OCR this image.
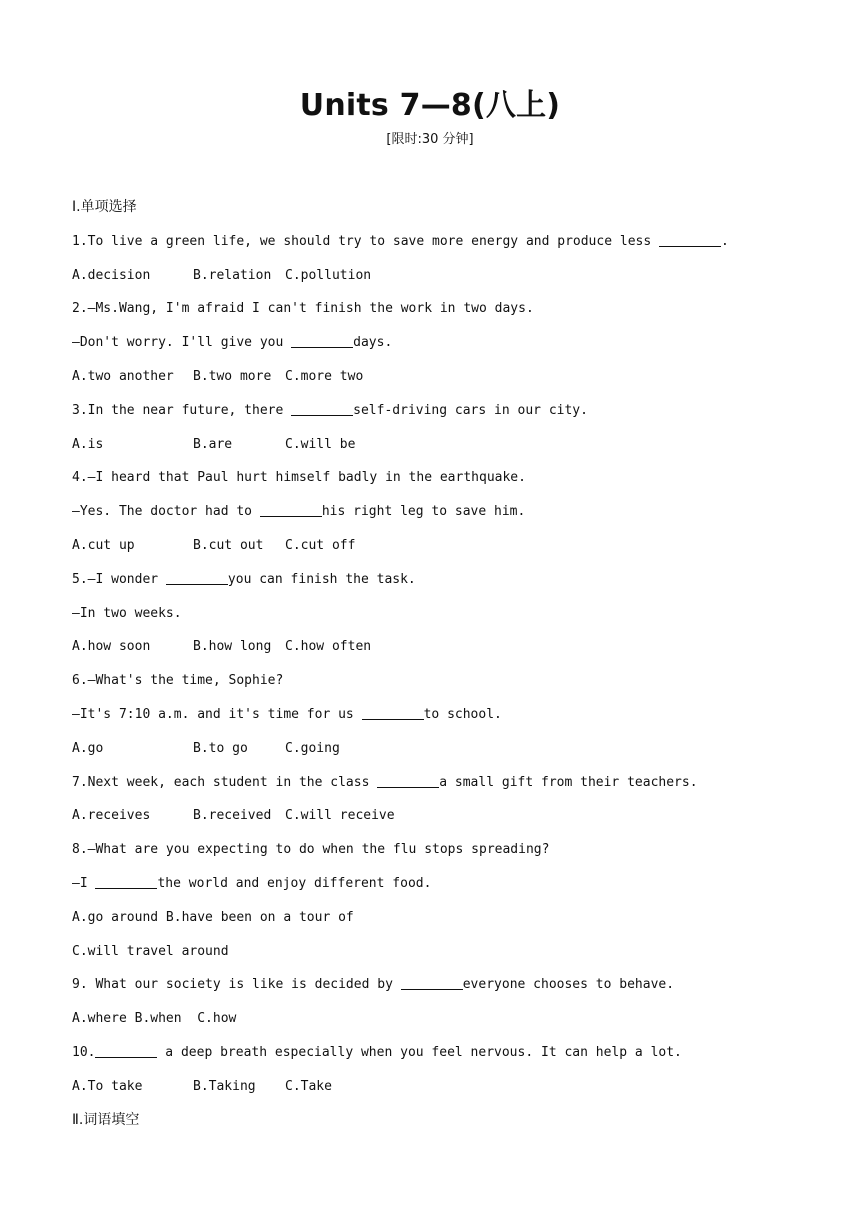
Units 7—8(八上)
[限时:30 分钟]
Ⅰ.单项选择
1.To live a green life, we should try to save more energy and produce less	.
A.decision	B.relation	C.pollution
2.—Ms.Wang, I'm afraid I can't finish the work in two days.
—Don't worry. I'll give you	days.
A.two another	B.two more	C.more two
3.In the near future, there	self-driving cars in our city.
A.is	B.are	C.will be
4.—I heard that Paul hurt himself badly in the earthquake.
—Yes. The doctor had to	his right leg to save him.
A.cut up	B.cut out	C.cut off
5.—I wonder	you can finish the task.
—In two weeks.
A.how soon	B.how long	C.how often
6.—What's the time, Sophie?
—It's 7:10 a.m. and it's time for us	to school.
A.go	B.to go	C.going
7.Next week, each student in the class	a small gift from their teachers.
A.receives	B.received	C.will receive
8.—What are you expecting to do when the flu stops spreading?
—I	the world and enjoy different food.
A.go around B.have been on a tour of
C.will travel around
9. What our society is like is decided by	everyone chooses to behave.
A.where B.when  C.how
10.	a deep breath especially when you feel nervous. It can help a lot.
A.To take	B.Taking	C.Take
Ⅱ.词语填空
